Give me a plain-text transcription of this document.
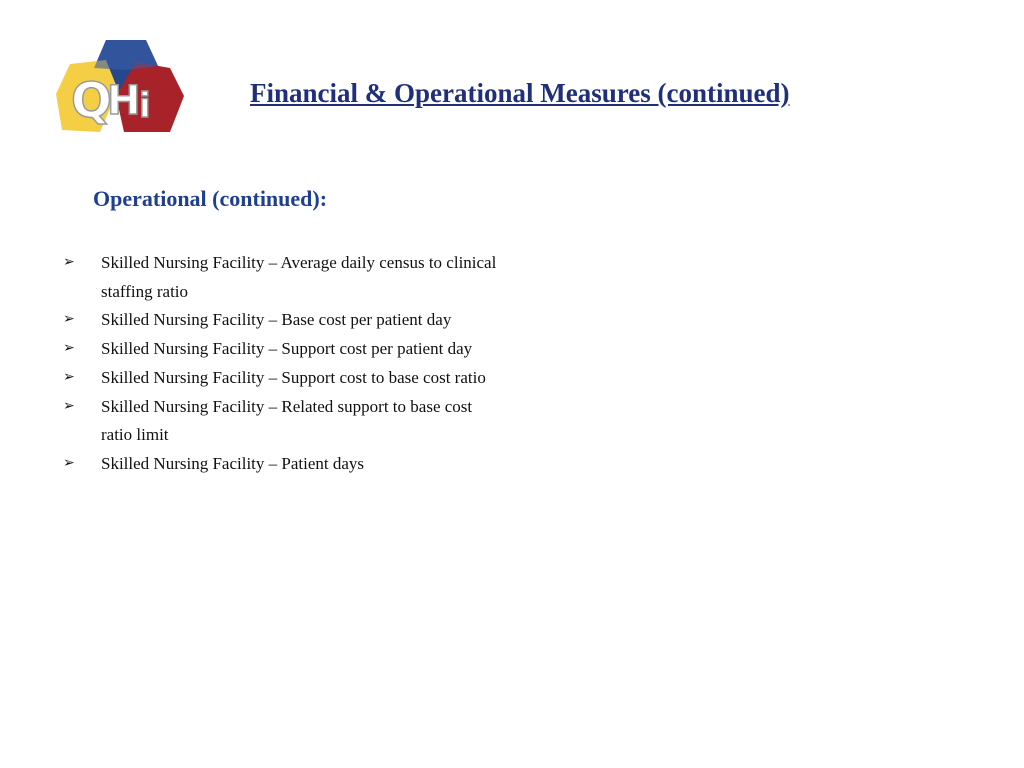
Q
H
i	Financial & Operational Measures (continued)
Operational (continued):
➢ Skilled Nursing Facility – Average daily census to clinical staffing ratio
➢ Skilled Nursing Facility – Base cost per patient day
➢ Skilled Nursing Facility – Support cost per patient day
➢ Skilled Nursing Facility – Support cost to base cost ratio
➢ Skilled Nursing Facility – Related support to base cost ratio limit
➢ Skilled Nursing Facility – Patient days
